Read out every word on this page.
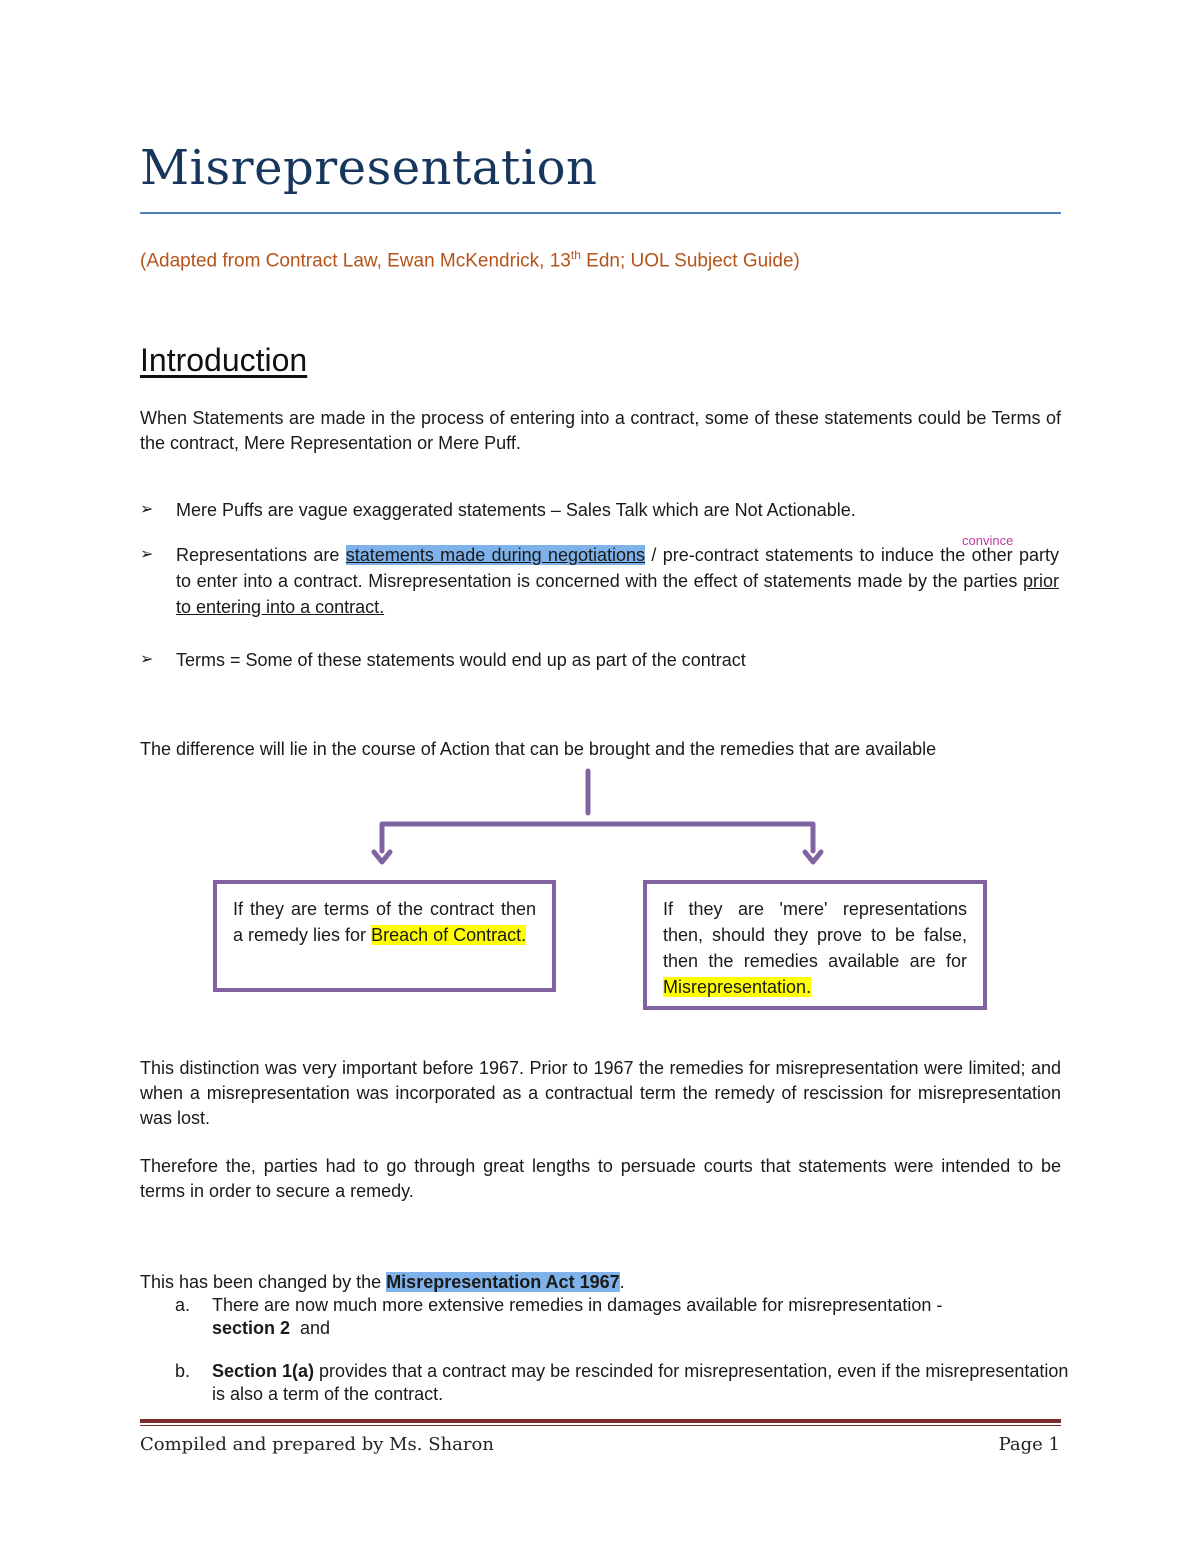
Misrepresentation
(Adapted from Contract Law, Ewan McKendrick, 13th Edn; UOL Subject Guide)
Introduction
When Statements are made in the process of entering into a contract, some of these statements could be Terms of the contract, Mere Representation or Mere Puff.
➢ Mere Puffs are vague exaggerated statements – Sales Talk which are Not Actionable.
convince
➢ Representations are statements made during negotiations / pre-contract statements to induce the other party to enter into a contract. Misrepresentation is concerned with the effect of statements made by the parties prior to entering into a contract.
➢ Terms = Some of these statements would end up as part of the contract
The difference will lie in the course of Action that can be brought and the remedies that are available
If they are terms of the contract then a remedy lies for Breach of Contract.
If they are 'mere' representations then, should they prove to be false, then the remedies available are for Misrepresentation.
This distinction was very important before 1967. Prior to 1967 the remedies for misrepresentation were limited; and when a misrepresentation was incorporated as a contractual term the remedy of rescission for misrepresentation was lost.
Therefore the, parties had to go through great lengths to persuade courts that statements were intended to be terms in order to secure a remedy.
This has been changed by the Misrepresentation Act 1967.
a. There are now much more extensive remedies in damages available for misrepresentation -
section 2  and
b. Section 1(a) provides that a contract may be rescinded for misrepresentation, even if the misrepresentation is also a term of the contract.
Compiled and prepared by Ms. Sharon	Page 1
